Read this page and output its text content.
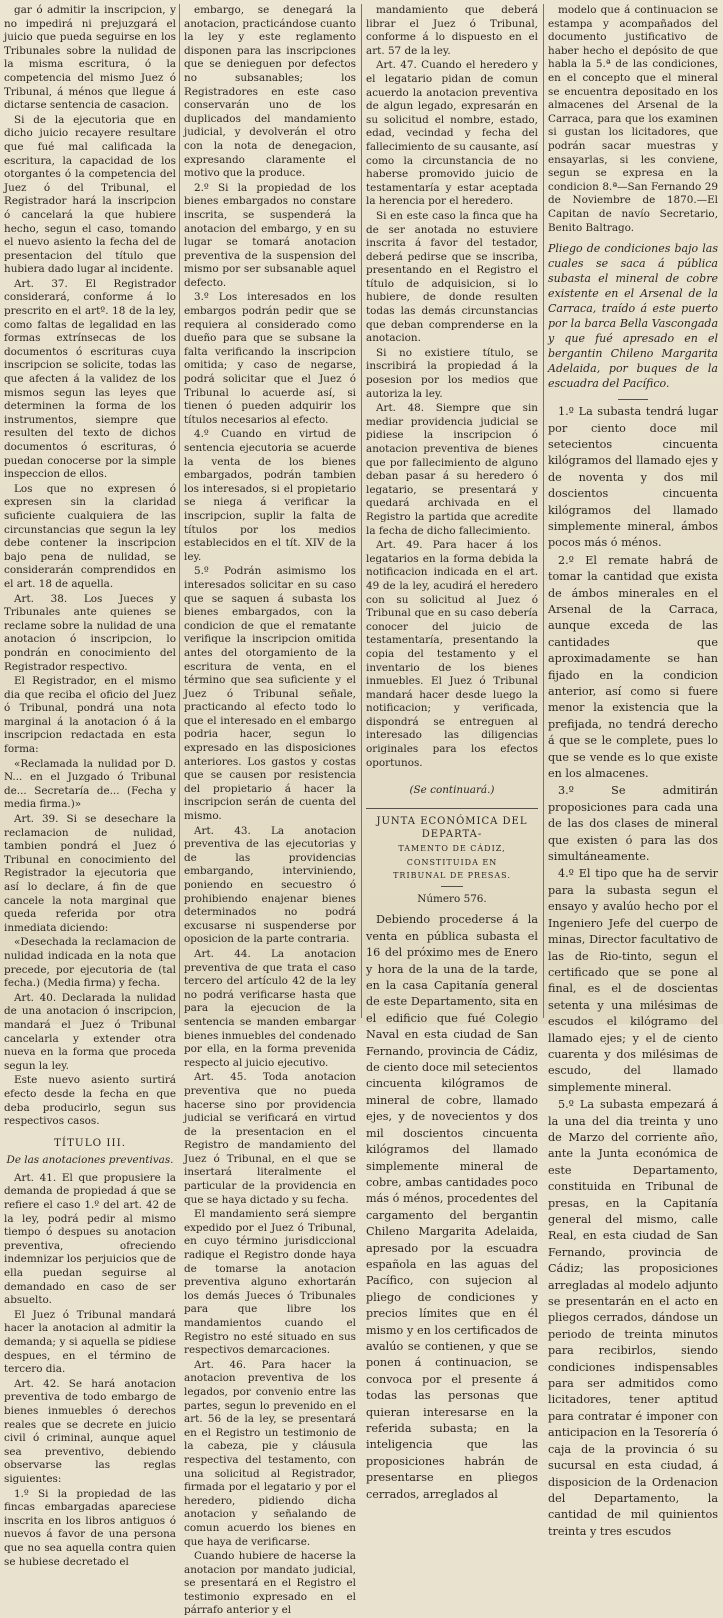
gar ó admitir la inscripcion, y no impedirá ni prejuzgará el juicio que pueda seguirse en los Tribunales sobre la nulidad de la misma escritura, ó la competencia del mismo Juez ó Tribunal, á ménos que llegue á dictarse sentencia de casacion.

Si de la ejecutoria que en dicho juicio recayere resultare que fué mal calificada la escritura, la capacidad de los otorgantes ó la competencia del Juez ó del Tribunal, el Registrador hará la inscripcion ó cancelará la que hubiere hecho, segun el caso, tomando el nuevo asiento la fecha del de presentacion del título que hubiera dado lugar al incidente.

Art. 37. El Registrador considerará, conforme á lo prescrito en el artº. 18 de la ley, como faltas de legalidad en las formas extrínsecas de los documentos ó escrituras cuya inscripcion se solicite, todas las que afecten á la validez de los mismos segun las leyes que determinen la forma de los instrumentos, siempre que resulten del texto de dichos documentos ó escrituras, ó puedan conocerse por la simple inspeccion de ellos.

Los que no expresen ó expresen sin la claridad suficiente cualquiera de las circunstancias que segun la ley debe contener la inscripcion bajo pena de nulidad, se considerarán comprendidos en el art. 18 de aquella.

Art. 38. Los Jueces y Tribunales ante quienes se reclame sobre la nulidad de una anotacion ó inscripcion, lo pondrán en conocimiento del Registrador respectivo.

El Registrador, en el mismo dia que reciba el oficio del Juez ó Tribunal, pondrá una nota marginal á la anotacion ó á la inscripcion redactada en esta forma:

«Reclamada la nulidad por D. N... en el Juzgado ó Tribunal de... Secretaría de... (Fecha y media firma.)»

Art. 39. Si se desechare la reclamacion de nulidad, tambien pondrá el Juez ó Tribunal en conocimiento del Registrador la ejecutoria que así lo declare, á fin de que cancele la nota marginal que queda referida por otra inmediata diciendo:

«Desechada la reclamacion de nulidad indicada en la nota que precede, por ejecutoria de (tal fecha.) (Media firma) y fecha.

Art. 40. Declarada la nulidad de una anotacion ó inscripcion, mandará el Juez ó Tribunal cancelarla y extender otra nueva en la forma que proceda segun la ley.

Este nuevo asiento surtirá efecto desde la fecha en que deba producirlo, segun sus respectivos casos.

TÍTULO III.

De las anotaciones preventivas.

Art. 41. El que propusiere la demanda de propiedad á que se refiere el caso 1.º del art. 42 de la ley, podrá pedir al mismo tiempo ó despues su anotacion preventiva, ofreciendo indemnizar los perjuicios que de ella puedan seguirse al demandado en caso de ser absuelto.

El Juez ó Tribunal mandará hacer la anotacion al admitir la demanda; y si aquella se pidiese despues, en el término de tercero dia.

Art. 42. Se hará anotacion preventiva de todo embargo de bienes inmuebles ó derechos reales que se decrete en juicio civil ó criminal, aunque aquel sea preventivo, debiendo observarse las reglas siguientes:

1.º Si la propiedad de las fincas embargadas apareciese inscrita en los libros antiguos ó nuevos á favor de una persona que no sea aquella contra quien se hubiese decretado el

embargo, se denegará la anotacion, practicándose cuanto la ley y este reglamento disponen para las inscripciones que se denieguen por defectos no subsanables; los Registradores en este caso conservarán uno de los duplicados del mandamiento judicial, y devolverán el otro con la nota de denegacion, expresando claramente el motivo que la produce.

2.º Si la propiedad de los bienes embargados no constare inscrita, se suspenderá la anotacion del embargo, y en su lugar se tomará anotacion preventiva de la suspension del mismo por ser subsanable aquel defecto.

3.º Los interesados en los embargos podrán pedir que se requiera al considerado como dueño para que se subsane la falta verificando la inscripcion omitida; y caso de negarse, podrá solicitar que el Juez ó Tribunal lo acuerde así, si tienen ó pueden adquirir los títulos necesarios al efecto.

4.º Cuando en virtud de sentencia ejecutoria se acuerde la venta de los bienes embargados, podrán tambien los interesados, si el propietario se niega á verificar la inscripcion, suplir la falta de títulos por los medios establecidos en el tít. XIV de la ley.

5.º Podrán asimismo los interesados solicitar en su caso que se saquen á subasta los bienes embargados, con la condicion de que el rematante verifique la inscripcion omitida antes del otorgamiento de la escritura de venta, en el término que sea suficiente y el Juez ó Tribunal señale, practicando al efecto todo lo que el interesado en el embargo podria hacer, segun lo expresado en las disposiciones anteriores. Los gastos y costas que se causen por resistencia del propietario á hacer la inscripcion serán de cuenta del mismo.

Art. 43. La anotacion preventiva de las ejecutorias y de las providencias embargando, interviniendo, poniendo en secuestro ó prohibiendo enajenar bienes determinados no podrá excusarse ni suspenderse por oposicion de la parte contraria.

Art. 44. La anotacion preventiva de que trata el caso tercero del artículo 42 de la ley no podrá verificarse hasta que para la ejecucion de la sentencia se manden embargar bienes inmuebles del condenado por ella, en la forma prevenida respecto al juicio ejecutivo.

Art. 45. Toda anotacion preventiva que no pueda hacerse sino por providencia judicial se verificará en virtud de la presentacion en el Registro de mandamiento del Juez ó Tribunal, en el que se insertará literalmente el particular de la providencia en que se haya dictado y su fecha.

El mandamiento será siempre expedido por el Juez ó Tribunal, en cuyo término jurisdiccional radique el Registro donde haya de tomarse la anotacion preventiva alguno exhortarán los demás Jueces ó Tribunales para que libre los mandamientos cuando el Registro no esté situado en sus respectivos demarcaciones.

Art. 46. Para hacer la anotacion preventiva de los legados, por convenio entre las partes, segun lo prevenido en el art. 56 de la ley, se presentará en el Registro un testimonio de la cabeza, pie y cláusula respectiva del testamento, con una solicitud al Registrador, firmada por el legatario y por el heredero, pidiendo dicha anotacion y señalando de comun acuerdo los bienes en que haya de verificarse.

Cuando hubiere de hacerse la anotacion por mandato judicial, se presentará en el Registro el testimonio expresado en el párrafo anterior y el

mandamiento que deberá librar el Juez ó Tribunal, conforme á lo dispuesto en el art. 57 de la ley.

Art. 47. Cuando el heredero y el legatario pidan de comun acuerdo la anotacion preventiva de algun legado, expresarán en su solicitud el nombre, estado, edad, vecindad y fecha del fallecimiento de su causante, así como la circunstancia de no haberse promovido juicio de testamentaría y estar aceptada la herencia por el heredero.

Si en este caso la finca que ha de ser anotada no estuviere inscrita á favor del testador, deberá pedirse que se inscriba, presentando en el Registro el título de adquisicion, si lo hubiere, de donde resulten todas las demás circunstancias que deban comprenderse en la anotacion.

Si no existiere título, se inscribirá la propiedad á la posesion por los medios que autoriza la ley.

Art. 48. Siempre que sin mediar providencia judicial se pidiese la inscripcion ó anotacion preventiva de bienes que por fallecimiento de alguno deban pasar á su heredero ó legatario, se presentará y quedará archivada en el Registro la partida que acredite la fecha de dicho fallecimiento.

Art. 49. Para hacer á los legatarios en la forma debida la notificacion indicada en el art. 49 de la ley, acudirá el heredero con su solicitud al Juez ó Tribunal que en su caso debería conocer del juicio de testamentaría, presentando la copia del testamento y el inventario de los bienes inmuebles. El Juez ó Tribunal mandará hacer desde luego la notificacion; y verificada, dispondrá se entreguen al interesado las diligencias originales para los efectos oportunos.

(Se continuará.)

JUNTA ECONÓMICA DEL DEPARTA-
TAMENTO DE CÁDIZ, CONSTITUIDA EN
TRIBUNAL DE PRESAS.

Número 576.

Debiendo procederse á la venta en pública subasta el 16 del próximo mes de Enero y hora de la una de la tarde, en la casa Capitanía general de este Departamento, sita en el edificio que fué Colegio Naval en esta ciudad de San Fernando, provincia de Cádiz, de ciento doce mil setecientos cincuenta kilógramos de mineral de cobre, llamado ejes, y de novecientos y dos mil doscientos cincuenta kilógramos del llamado simplemente mineral de cobre, ambas cantidades poco más ó ménos, procedentes del cargamento del bergantin Chileno Margarita Adelaida, apresado por la escuadra española en las aguas del Pacífico, con sujecion al pliego de condiciones y precios límites que en él mismo y en los certificados de avalúo se contienen, y que se ponen á continuacion, se convoca por el presente á todas las personas que quieran interesarse en la referida subasta; en la inteligencia que las proposiciones habrán de presentarse en pliegos cerrados, arreglados al

modelo que á continuacion se estampa y acompañados del documento justificativo de haber hecho el depósito de que habla la 5.ª de las condiciones, en el concepto que el mineral se encuentra depositado en los almacenes del Arsenal de la Carraca, para que los examinen si gustan los licitadores, que podrán sacar muestras y ensayarlas, si les conviene, segun se expresa en la condicion 8.ª—San Fernando 29 de Noviembre de 1870.—El Capitan de navío Secretario, Benito Baltrago.

Pliego de condiciones bajo las cuales se saca á pública subasta el mineral de cobre existente en el Arsenal de la Carraca, traído á este puerto por la barca Bella Vascongada y que fué apresado en el bergantin Chileno Margarita Adelaida, por buques de la escuadra del Pacífico.

1.º La subasta tendrá lugar por ciento doce mil setecientos cincuenta kilógramos del llamado ejes y de noventa y dos mil doscientos cincuenta kilógramos del llamado simplemente mineral, ámbos pocos más ó ménos.

2.º El remate habrá de tomar la cantidad que exista de ámbos minerales en el Arsenal de la Carraca, aunque exceda de las cantidades que aproximadamente se han fijado en la condicion anterior, así como si fuere menor la existencia que la prefijada, no tendrá derecho á que se le complete, pues lo que se vende es lo que existe en los almacenes.

3.º Se admitirán proposiciones para cada una de las dos clases de mineral que existen ó para las dos simultáneamente.

4.º El tipo que ha de servir para la subasta segun el ensayo y avalúo hecho por el Ingeniero Jefe del cuerpo de minas, Director facultativo de las de Rio-tinto, segun el certificado que se pone al final, es el de doscientas setenta y una milésimas de escudos el kilógramo del llamado ejes; y el de ciento cuarenta y dos milésimas de escudo, del llamado simplemente mineral.

5.º La subasta empezará á la una del dia treinta y uno de Marzo del corriente año, ante la Junta económica de este Departamento, constituida en Tribunal de presas, en la Capitanía general del mismo, calle Real, en esta ciudad de San Fernando, provincia de Cádiz; las proposiciones arregladas al modelo adjunto se presentarán en el acto en pliegos cerrados, dándose un periodo de treinta minutos para recibirlos, siendo condiciones indispensables para ser admitidos como licitadores, tener aptitud para contratar é imponer con anticipacion en la Tesorería ó caja de la provincia ó su sucursal en esta ciudad, á disposicion de la Ordenacion del Departamento, la cantidad de mil quinientos treinta y tres escudos
